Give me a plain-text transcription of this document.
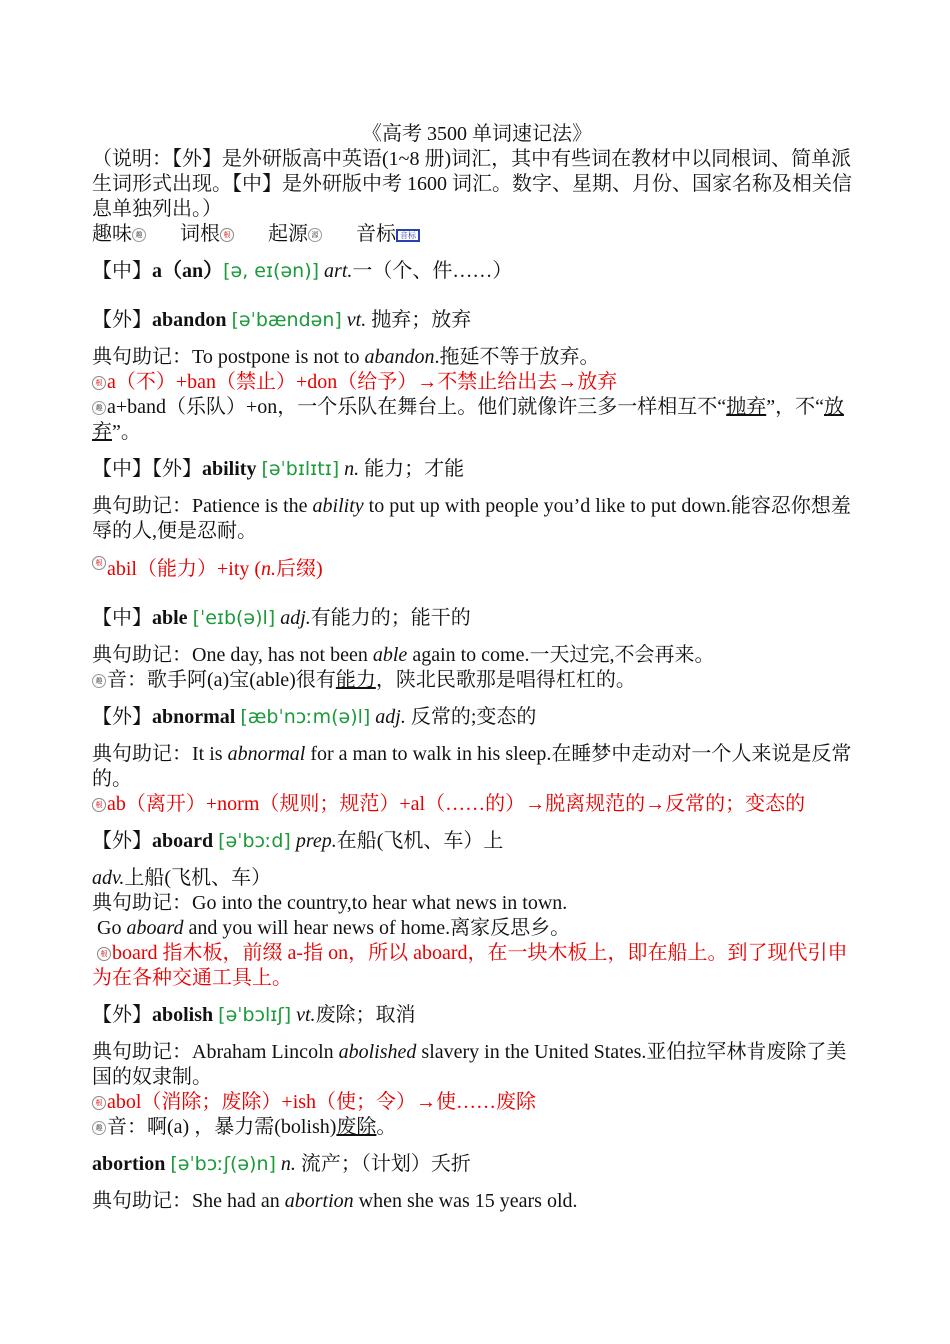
《高考 3500 单词速记法》

（说明：【外】是外研版高中英语(1~8 册)词汇，其中有些词在教材中以同根词、简单派生词形式出现。【中】是外研版中考 1600 词汇。数字、星期、月份、国家名称及相关信息单独列出。）

趣味 趣 词根 根 起源 源 音标 音标

【中】a（an）[ə, eɪ(ən)] art.一（个、件……）

【外】abandon [əˈbændən] vt. 抛弃；放弃

典句助记：To postpone is not to abandon.拖延不等于放弃。

根 a（不）+ban（禁止）+don（给予）→不禁止给出去→放弃

趣 a+band（乐队）+on，一个乐队在舞台上。他们就像许三多一样相互不“抛弃”，不“放弃”。

【中】【外】ability [əˈbɪlɪtɪ] n. 能力；才能

典句助记：Patience is the ability to put up with people you’d like to put down.能容忍你想羞辱的人,便是忍耐。

根 abil（能力）+ity (n.后缀)

【中】able [ˈeɪb(ə)l] adj.有能力的；能干的

典句助记：One day, has not been able again to come.一天过完,不会再来。

趣 音：歌手阿(a)宝(able)很有能力，陕北民歌那是唱得杠杠的。

【外】abnormal [æbˈnɔːm(ə)l] adj. 反常的;变态的

典句助记：It is abnormal for a man to walk in his sleep.在睡梦中走动对一个人来说是反常的。

根 ab（离开）+norm（规则；规范）+al（……的）→脱离规范的→反常的；变态的

【外】aboard [əˈbɔːd] prep.在船(飞机、车）上

adv.上船(飞机、车）

典句助记：Go into the country,to hear what news in town.

Go aboard and you will hear news of home.离家反思乡。

根 board 指木板，前缀 a-指 on，所以 aboard，在一块木板上，即在船上。到了现代引申为在各种交通工具上。

【外】abolish [əˈbɔlɪʃ] vt.废除；取消

典句助记：Abraham Lincoln abolished slavery in the United States.亚伯拉罕林肯废除了美国的奴隶制。

根 abol（消除；废除）+ish（使；令）→使……废除

趣 音：啊(a) ，暴力需(bolish)废除。

abortion [əˈbɔːʃ(ə)n] n. 流产；（计划）夭折

典句助记：She had an abortion when she was 15 years old.
